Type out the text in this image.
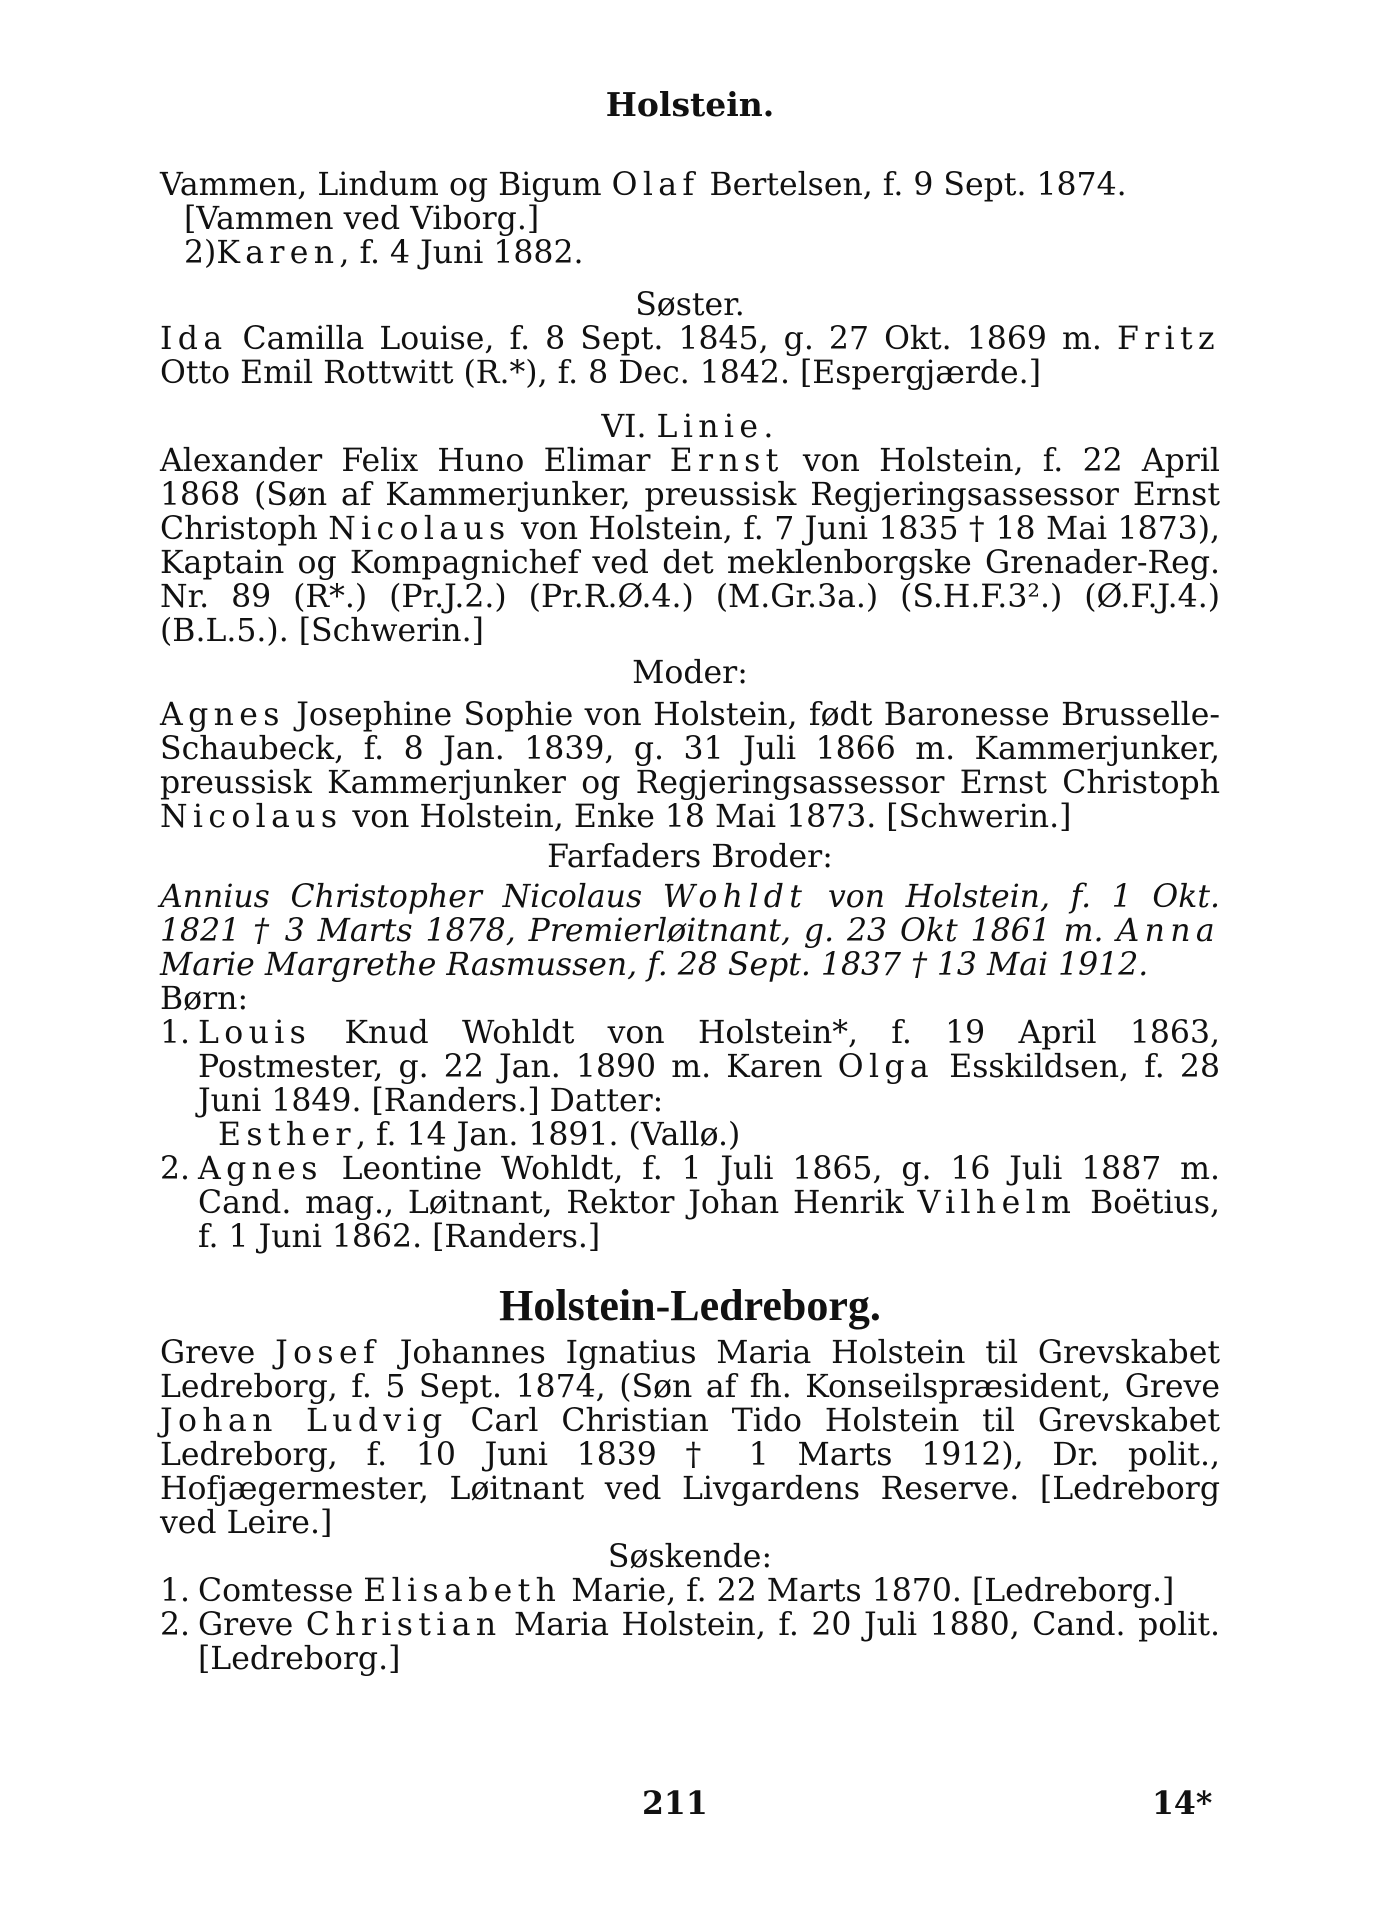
Holstein.

Vammen, Lindum og Bigum Olaf Bertelsen, f. 9 Sept. 1874.

[Vammen ved Viborg.]

2)Karen, f. 4 Juni 1882.

Søster.

Ida Camilla Louise, f. 8 Sept. 1845, g. 27 Okt. 1869 m. Fritz Otto Emil Rottwitt (R.*), f. 8 Dec. 1842. [Espergjærde.]

VI. Linie.

Alexander Felix Huno Elimar Ernst von Holstein, f. 22 April 1868 (Søn af Kammerjunker, preussisk Regjeringsassessor Ernst Christoph Nicolaus von Holstein, f. 7 Juni 1835 † 18 Mai 1873), Kaptain og Kompagnichef ved det meklenborgske Grenader-Reg. Nr. 89 (R*.) (Pr.J.2.) (Pr.R.Ø.4.) (M.Gr.3a.) (S.H.F.3².) (Ø.F.J.4.) (B.L.5.). [Schwerin.]

Moder:

Agnes Josephine Sophie von Holstein, født Baronesse Brusselle-Schaubeck, f. 8 Jan. 1839, g. 31 Juli 1866 m. Kammerjunker, preussisk Kammerjunker og Regjeringsassessor Ernst Christoph Nicolaus von Holstein, Enke 18 Mai 1873. [Schwerin.]

Farfaders Broder:

Annius Christopher Nicolaus Wohldt von Holstein, f. 1 Okt. 1821 † 3 Marts 1878, Premierløitnant, g. 23 Okt 1861 m. Anna Marie Margrethe Rasmussen, f. 28 Sept. 1837 † 13 Mai 1912.

Børn:

1. Louis Knud Wohldt von Holstein*, f. 19 April 1863, Postmester, g. 22 Jan. 1890 m. Karen Olga Esskildsen, f. 28 Juni 1849. [Randers.] Datter:

Esther, f. 14 Jan. 1891. (Vallø.)

2. Agnes Leontine Wohldt, f. 1 Juli 1865, g. 16 Juli 1887 m. Cand. mag., Løitnant, Rektor Johan Henrik Vilhelm Boëtius, f. 1 Juni 1862. [Randers.]

Holstein-Ledreborg.

Greve Josef Johannes Ignatius Maria Holstein til Grevskabet Ledreborg, f. 5 Sept. 1874, (Søn af fh. Konseilspræsident, Greve Johan Ludvig Carl Christian Tido Holstein til Grevskabet Ledreborg, f. 10 Juni 1839 † 1 Marts 1912), Dr. polit., Hofjægermester, Løitnant ved Livgardens Reserve. [Ledreborg ved Leire.]

Søskende:

1. Comtesse Elisabeth Marie, f. 22 Marts 1870. [Ledreborg.]
2. Greve Christian Maria Holstein, f. 20 Juli 1880, Cand. polit. [Ledreborg.]
211	14*
